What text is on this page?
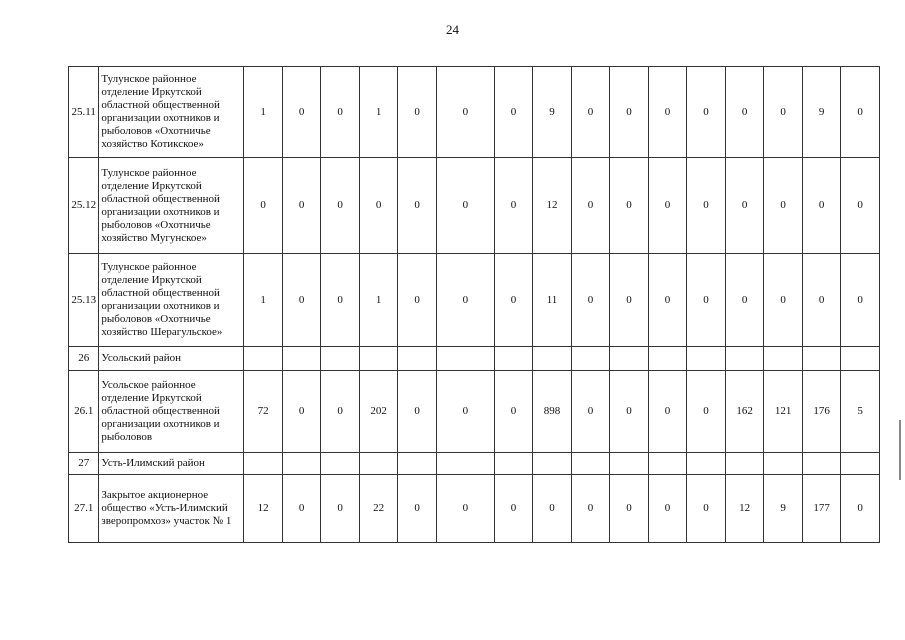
24
25.11	Тулунское районное отделение Иркутской областной общественной организации охотников и рыболовов «Охотничье хозяйство Котикское»	1	0	0	1	0	0	0	9	0	0	0	0	0	0	9	0
25.12	Тулунское районное отделение Иркутской областной общественной организации охотников и рыболовов «Охотничье хозяйство Мугунское»	0	0	0	0	0	0	0	12	0	0	0	0	0	0	0	0
25.13	Тулунское районное отделение Иркутской областной общественной организации охотников и рыболовов «Охотничье хозяйство Шерагульское»	1	0	0	1	0	0	0	11	0	0	0	0	0	0	0	0
26	Усольский район																
26.1	Усольское районное отделение Иркутской областной общественной организации охотников и рыболовов	72	0	0	202	0	0	0	898	0	0	0	0	162	121	176	5
27	Усть-Илимский район																
27.1	Закрытое акционерное общество «Усть-Илимский зверопромхоз» участок № 1	12	0	0	22	0	0	0	0	0	0	0	0	12	9	177	0
